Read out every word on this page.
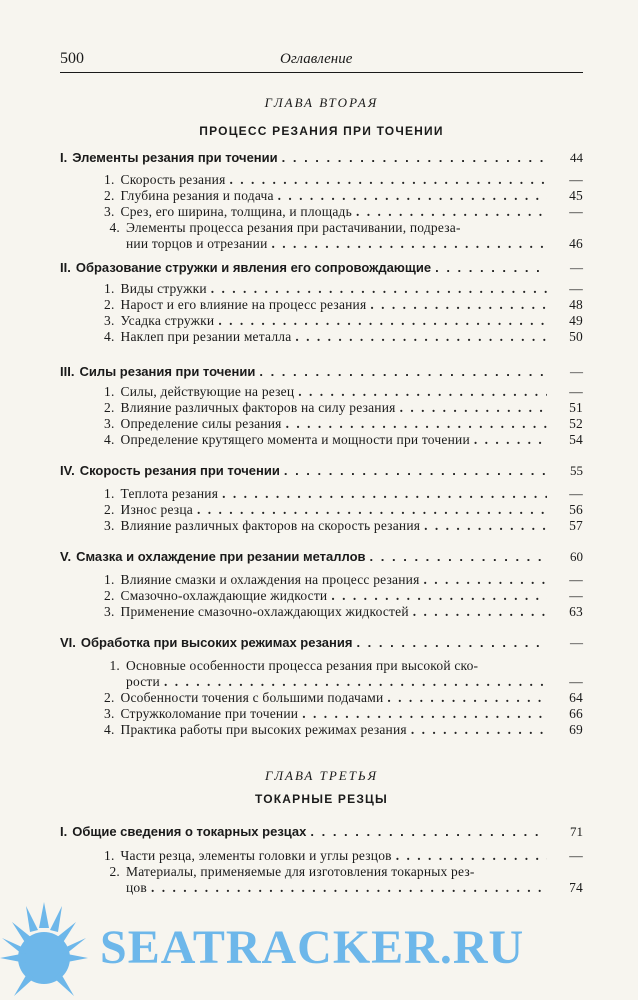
500	Оглавление
ГЛАВА ВТОРАЯ
ПРОЦЕСС РЕЗАНИЯ ПРИ ТОЧЕНИИ
I. Элементы резания при точении . . .	44
1. Скорость резания . . .	—
2. Глубина резания и подача . . .	45
3. Срез, его ширина, толщина, и площадь . . .	—
4. Элементы процесса резания при растачивании, подреза-
нии торцов и отрезании . . .	46
II. Образование стружки и явления его сопровождающие . . .	—
1. Виды стружки . . .	—
2. Нарост и его влияние на процесс резания . . .	48
3. Усадка стружки . . .	49
4. Наклеп при резании металла . . .	50
III. Силы резания при точении . . .	—
1. Силы, действующие на резец . . .	—
2. Влияние различных факторов на силу резания . . .	51
3. Определение силы резания . . .	52
4. Определение крутящего момента и мощности при точении . . .	54
IV. Скорость резания при точении . . .	55
1. Теплота резания . . .	—
2. Износ резца . . .	56
3. Влияние различных факторов на скорость резания . . .	57
V. Смазка и охлаждение при резании металлов . . .	60
1. Влияние смазки и охлаждения на процесс резания . . .	—
2. Смазочно-охлаждающие жидкости . . .	—
3. Применение смазочно-охлаждающих жидкостей . . .	63
VI. Обработка при высоких режимах резания . . .	—
1. Основные особенности процесса резания при высокой ско-
рости . . .	—
2. Особенности точения с большими подачами . . .	64
3. Стружколомание при точении . . .	66
4. Практика работы при высоких режимах резания . . .	69
ГЛАВА ТРЕТЬЯ
ТОКАРНЫЕ РЕЗЦЫ
I. Общие сведения о токарных резцах . . .	71
1. Части резца, элементы головки и углы резцов . . .	—
2. Материалы, применяемые для изготовления токарных рез-
цов . . .	74
SEATRACKER.RU
